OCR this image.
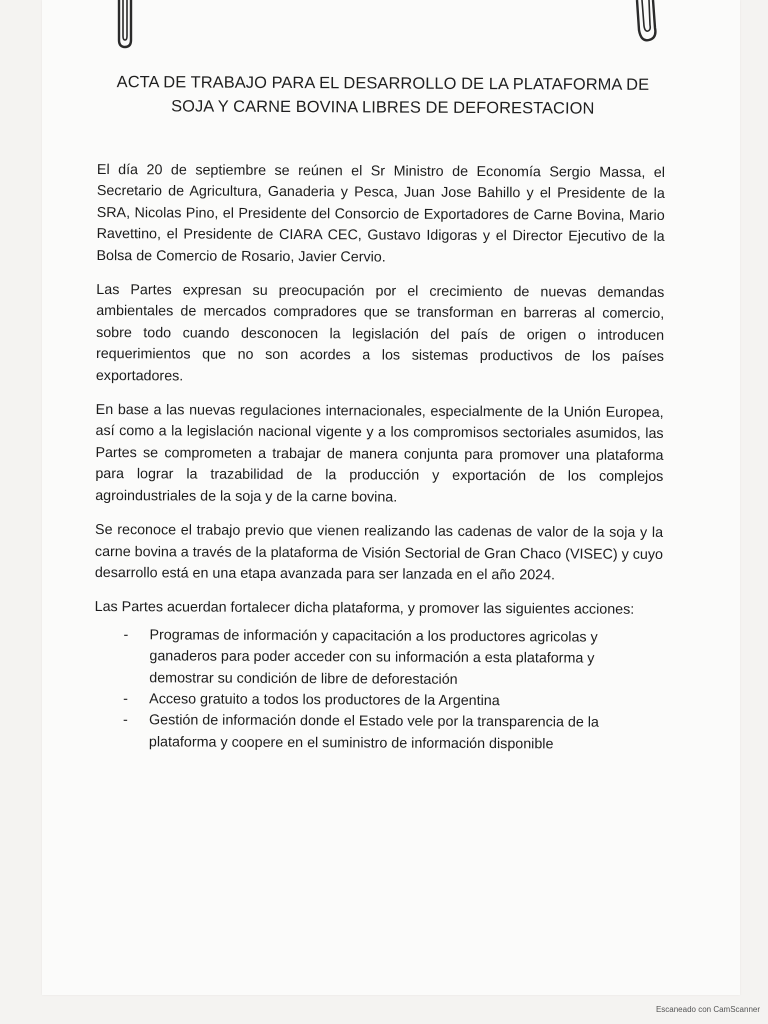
ACTA DE TRABAJO PARA EL DESARROLLO DE LA PLATAFORMA DE
SOJA Y CARNE BOVINA LIBRES DE DEFORESTACION

El día 20 de septiembre se reúnen el Sr Ministro de Economía Sergio Massa, el Secretario de Agricultura, Ganaderia y Pesca, Juan Jose Bahillo y el Presidente de la SRA, Nicolas Pino, el Presidente del Consorcio de Exportadores de Carne Bovina, Mario Ravettino, el Presidente de CIARA CEC, Gustavo Idigoras y el Director Ejecutivo de la Bolsa de Comercio de Rosario, Javier Cervio.

Las Partes expresan su preocupación por el crecimiento de nuevas demandas ambientales de mercados compradores que se transforman en barreras al comercio, sobre todo cuando desconocen la legislación del país de origen o introducen requerimientos que no son acordes a los sistemas productivos de los países exportadores.

En base a las nuevas regulaciones internacionales, especialmente de la Unión Europea, así como a la legislación nacional vigente y a los compromisos sectoriales asumidos, las Partes se comprometen a trabajar de manera conjunta para promover una plataforma para lograr la trazabilidad de la producción y exportación de los complejos agroindustriales de la soja y de la carne bovina.

Se reconoce el trabajo previo que vienen realizando las cadenas de valor de la soja y la carne bovina a través de la plataforma de Visión Sectorial de Gran Chaco (VISEC) y cuyo desarrollo está en una etapa avanzada para ser lanzada en el año 2024.

Las Partes acuerdan fortalecer dicha plataforma, y promover las siguientes acciones:

- Programas de información y capacitación a los productores agricolas y ganaderos para poder acceder con su información a esta plataforma y demostrar su condición de libre de deforestación
- Acceso gratuito a todos los productores de la Argentina
- Gestión de información donde el Estado vele por la transparencia de la plataforma y coopere en el suministro de información disponible
Escaneado con CamScanner
